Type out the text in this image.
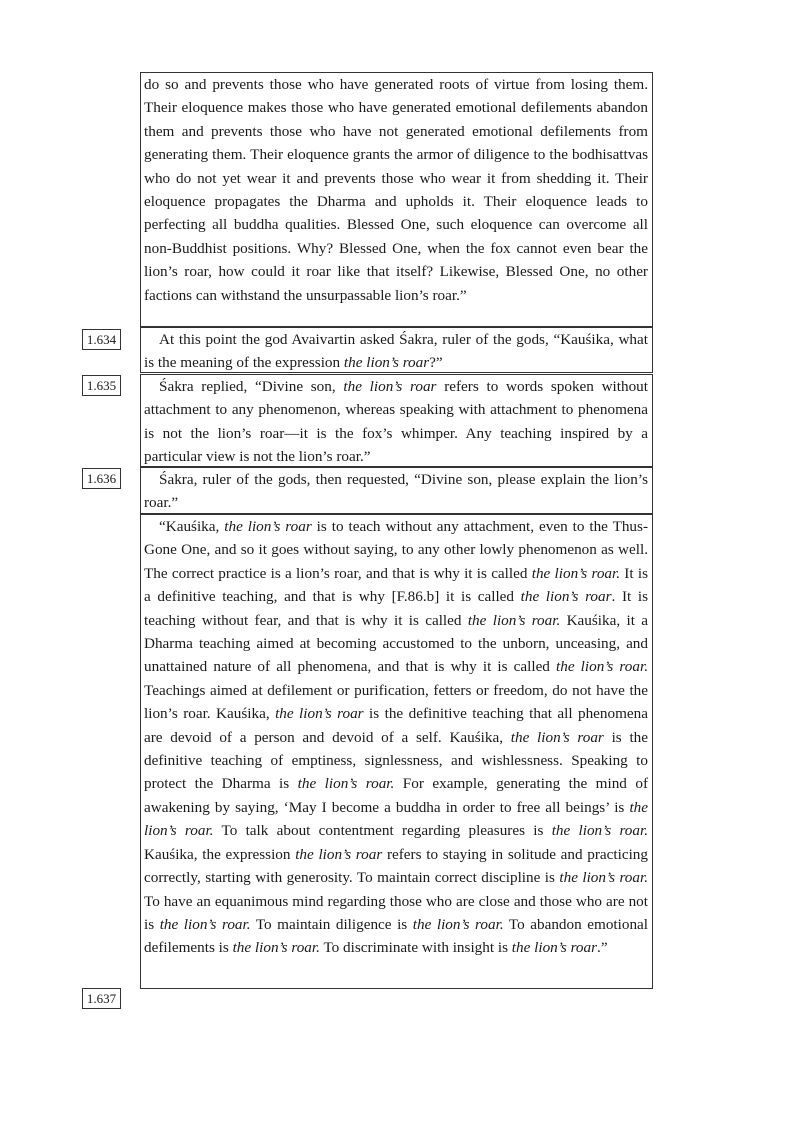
1.634
1.635
1.636
1.637

do so and prevents those who have generated roots of virtue from losing them. Their eloquence makes those who have generated emotional defilements abandon them and prevents those who have not generated emotional defilements from generating them. Their eloquence grants the armor of diligence to the bodhisattvas who do not yet wear it and prevents those who wear it from shedding it. Their eloquence propagates the Dharma and upholds it. Their eloquence leads to perfecting all buddha qualities. Blessed One, such eloquence can overcome all non-Buddhist positions. Why? Blessed One, when the fox cannot even bear the lion’s roar, how could it roar like that itself? Likewise, Blessed One, no other factions can withstand the unsurpassable lion’s roar.”

At this point the god Avaivartin asked Śakra, ruler of the gods, “Kauśika, what is the meaning of the expression the lion’s roar?”

Śakra replied, “Divine son, the lion’s roar refers to words spoken without attachment to any phenomenon, whereas speaking with attachment to phenomena is not the lion’s roar—it is the fox’s whimper. Any teaching inspired by a particular view is not the lion’s roar.”

Śakra, ruler of the gods, then requested, “Divine son, please explain the lion’s roar.”

“Kauśika, the lion’s roar is to teach without any attachment, even to the Thus-Gone One, and so it goes without saying, to any other lowly phenomenon as well. The correct practice is a lion’s roar, and that is why it is called the lion’s roar. It is a definitive teaching, and that is why [F.86.b] it is called the lion’s roar. It is teaching without fear, and that is why it is called the lion’s roar. Kauśika, it a Dharma teaching aimed at becoming accustomed to the unborn, unceasing, and unattained nature of all phenomena, and that is why it is called the lion’s roar. Teachings aimed at defilement or purification, fetters or freedom, do not have the lion’s roar. Kauśika, the lion’s roar is the definitive teaching that all phenomena are devoid of a person and devoid of a self. Kauśika, the lion’s roar is the definitive teaching of emptiness, signlessness, and wishlessness. Speaking to protect the Dharma is the lion’s roar. For example, generating the mind of awakening by saying, ‘May I become a buddha in order to free all beings’ is the lion’s roar. To talk about contentment regarding pleasures is the lion’s roar. Kauśika, the expression the lion’s roar refers to staying in solitude and practicing correctly, starting with generosity. To maintain correct discipline is the lion’s roar. To have an equanimous mind regarding those who are close and those who are not is the lion’s roar. To maintain diligence is the lion’s roar. To abandon emotional defilements is the lion’s roar. To discriminate with insight is the lion’s roar.”
